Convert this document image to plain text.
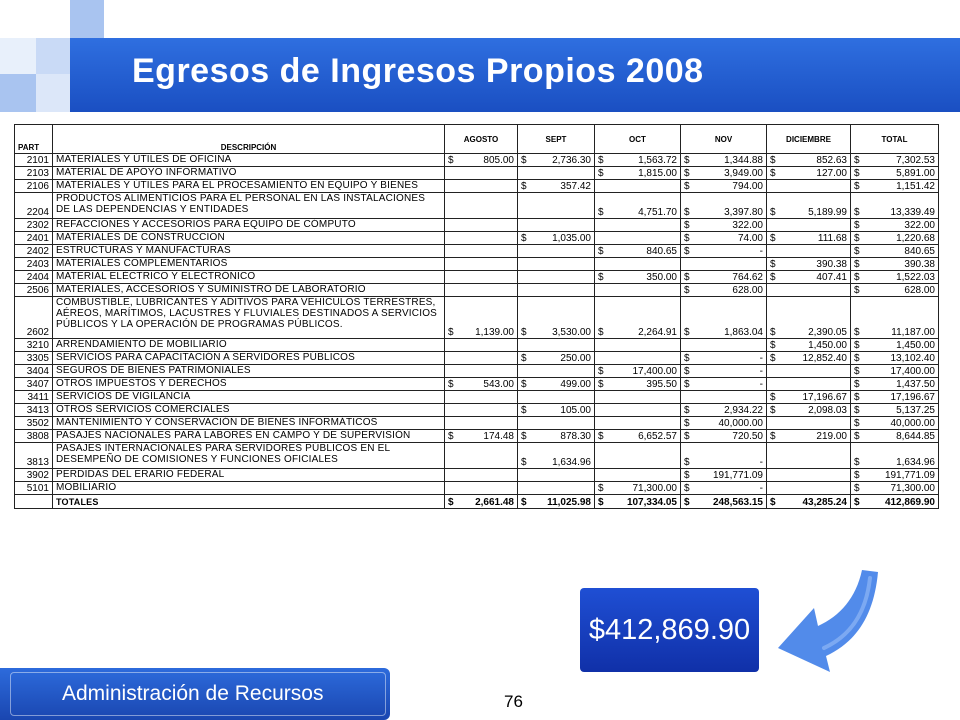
Egresos de Ingresos Propios 2008
PART	DESCRIPCIÓN	AGOSTO	SEPT	OCT	NOV	DICIEMBRE	TOTAL
2101	MATERIALES Y ÚTILES DE OFICINA	$ 805.00	$ 2,736.30	$ 1,563.72	$ 1,344.88	$ 852.63	$ 7,302.53

2103	MATERIAL DE APOYO INFORMATIVO			$ 1,815.00	$ 3,949.00	$ 127.00	$ 5,891.00

2106	MATERIALES Y ÚTILES PARA EL PROCESAMIENTO EN EQUIPO Y BIENES		$ 357.42		$ 794.00		$ 1,151.42

2204	PRODUCTOS ALIMENTICIOS PARA EL PERSONAL EN LAS INSTALACIONES DE LAS DEPENDENCIAS Y ENTIDADES			$ 4,751.70	$ 3,397.80	$ 5,189.99	$ 13,339.49

2302	REFACCIONES Y ACCESORIOS PARA EQUIPO DE CÓMPUTO				$ 322.00		$ 322.00

2401	MATERIALES DE CONSTRUCCION		$ 1,035.00		$ 74.00	$ 111.68	$ 1,220.68

2402	ESTRUCTURAS Y MANUFACTURAS			$ 840.65	$ -		$ 840.65

2403	MATERIALES COMPLEMENTARIOS					$ 390.38	$ 390.38

2404	MATERIAL ELÉCTRICO Y ELECTRÓNICO			$ 350.00	$ 764.62	$ 407.41	$ 1,522.03

2506	MATERIALES, ACCESORIOS Y SUMINISTRO DE LABORATORIO				$ 628.00		$ 628.00

2602	COMBUSTIBLE, LUBRICANTES Y ADITIVOS PARA VEHÍCULOS TERRESTRES, AÉREOS, MARÍTIMOS, LACUSTRES Y FLUVIALES DESTINADOS A SERVICIOS PÚBLICOS Y LA OPERACIÓN DE PROGRAMAS PÚBLICOS.	$ 1,139.00	$ 3,530.00	$ 2,264.91	$ 1,863.04	$ 2,390.05	$ 11,187.00

3210	ARRENDAMIENTO DE MOBILIARIO					$ 1,450.00	$ 1,450.00

3305	SERVICIOS PARA CAPACITACIÓN A SERVIDORES PÚBLICOS		$ 250.00		$ -	$ 12,852.40	$ 13,102.40

3404	SEGUROS DE BIENES PATRIMONIALES			$ 17,400.00	$ -		$ 17,400.00

3407	OTROS IMPUESTOS Y DERECHOS	$ 543.00	$ 499.00	$ 395.50	$ -		$ 1,437.50

3411	SERVICIOS DE VIGILANCIA					$ 17,196.67	$ 17,196.67

3413	OTROS SERVICIOS COMERCIALES		$ 105.00		$ 2,934.22	$ 2,098.03	$ 5,137.25

3502	MANTENIMIENTO Y CONSERVACIÓN DE BIENES INFORMÁTICOS				$ 40,000.00		$ 40,000.00

3808	PASAJES NACIONALES PARA LABORES EN CAMPO Y DE SUPERVISIÓN	$ 174.48	$ 878.30	$ 6,652.57	$ 720.50	$ 219.00	$ 8,644.85

3813	PASAJES INTERNACIONALES PARA SERVIDORES PÚBLICOS EN EL DESEMPEÑO DE COMISIONES Y FUNCIONES OFICIALES		$ 1,634.96		$ -		$ 1,634.96

3902	PERDIDAS DEL ERARIO FEDERAL				$ 191,771.09		$ 191,771.09

5101	MOBILIARIO			$ 71,300.00	$ -		$ 71,300.00

	TOTALES	$ 2,661.48	$ 11,025.98	$ 107,334.05	$ 248,563.15	$ 43,285.24	$ 412,869.90
$412,869.90
Administración de Recursos	76
